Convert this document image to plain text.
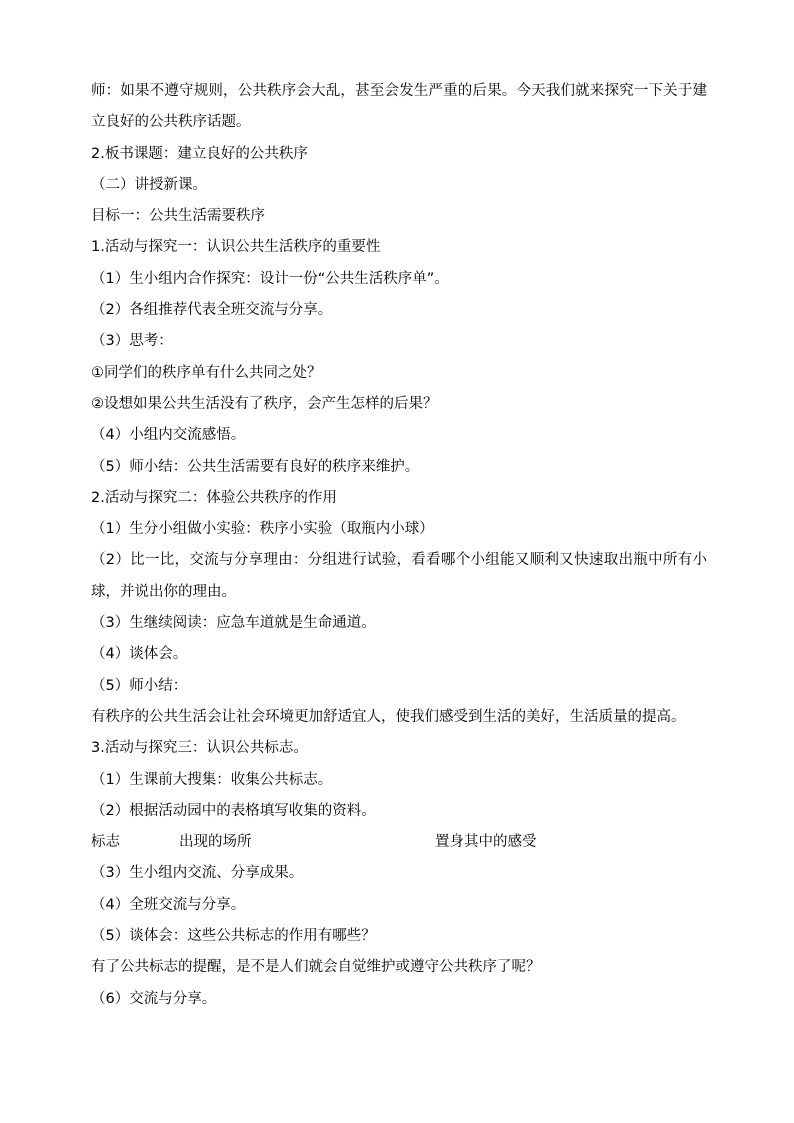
师：如果不遵守规则，公共秩序会大乱，甚至会发生严重的后果。今天我们就来探究一下关于建立良好的公共秩序话题。
2.板书课题：建立良好的公共秩序
（二）讲授新课。
目标一：公共生活需要秩序
1.活动与探究一：认识公共生活秩序的重要性
（1）生小组内合作探究：设计一份“公共生活秩序单”。
（2）各组推荐代表全班交流与分享。
（3）思考：
①同学们的秩序单有什么共同之处？
②设想如果公共生活没有了秩序，会产生怎样的后果？
（4）小组内交流感悟。
（5）师小结：公共生活需要有良好的秩序来维护。
2.活动与探究二：体验公共秩序的作用
（1）生分小组做小实验：秩序小实验（取瓶内小球）
（2）比一比，交流与分享理由：分组进行试验，看看哪个小组能又顺利又快速取出瓶中所有小球，并说出你的理由。
（3）生继续阅读：应急车道就是生命通道。
（4）谈体会。
（5）师小结：
有秩序的公共生活会让社会环境更加舒适宜人，使我们感受到生活的美好，生活质量的提高。
3.活动与探究三：认识公共标志。
（1）生课前大搜集：收集公共标志。
（2）根据活动园中的表格填写收集的资料。
标志	出现的场所	置身其中的感受
（3）生小组内交流、分享成果。
（4）全班交流与分享。
（5）谈体会：这些公共标志的作用有哪些？
有了公共标志的提醒，是不是人们就会自觉维护或遵守公共秩序了呢？
（6）交流与分享。
